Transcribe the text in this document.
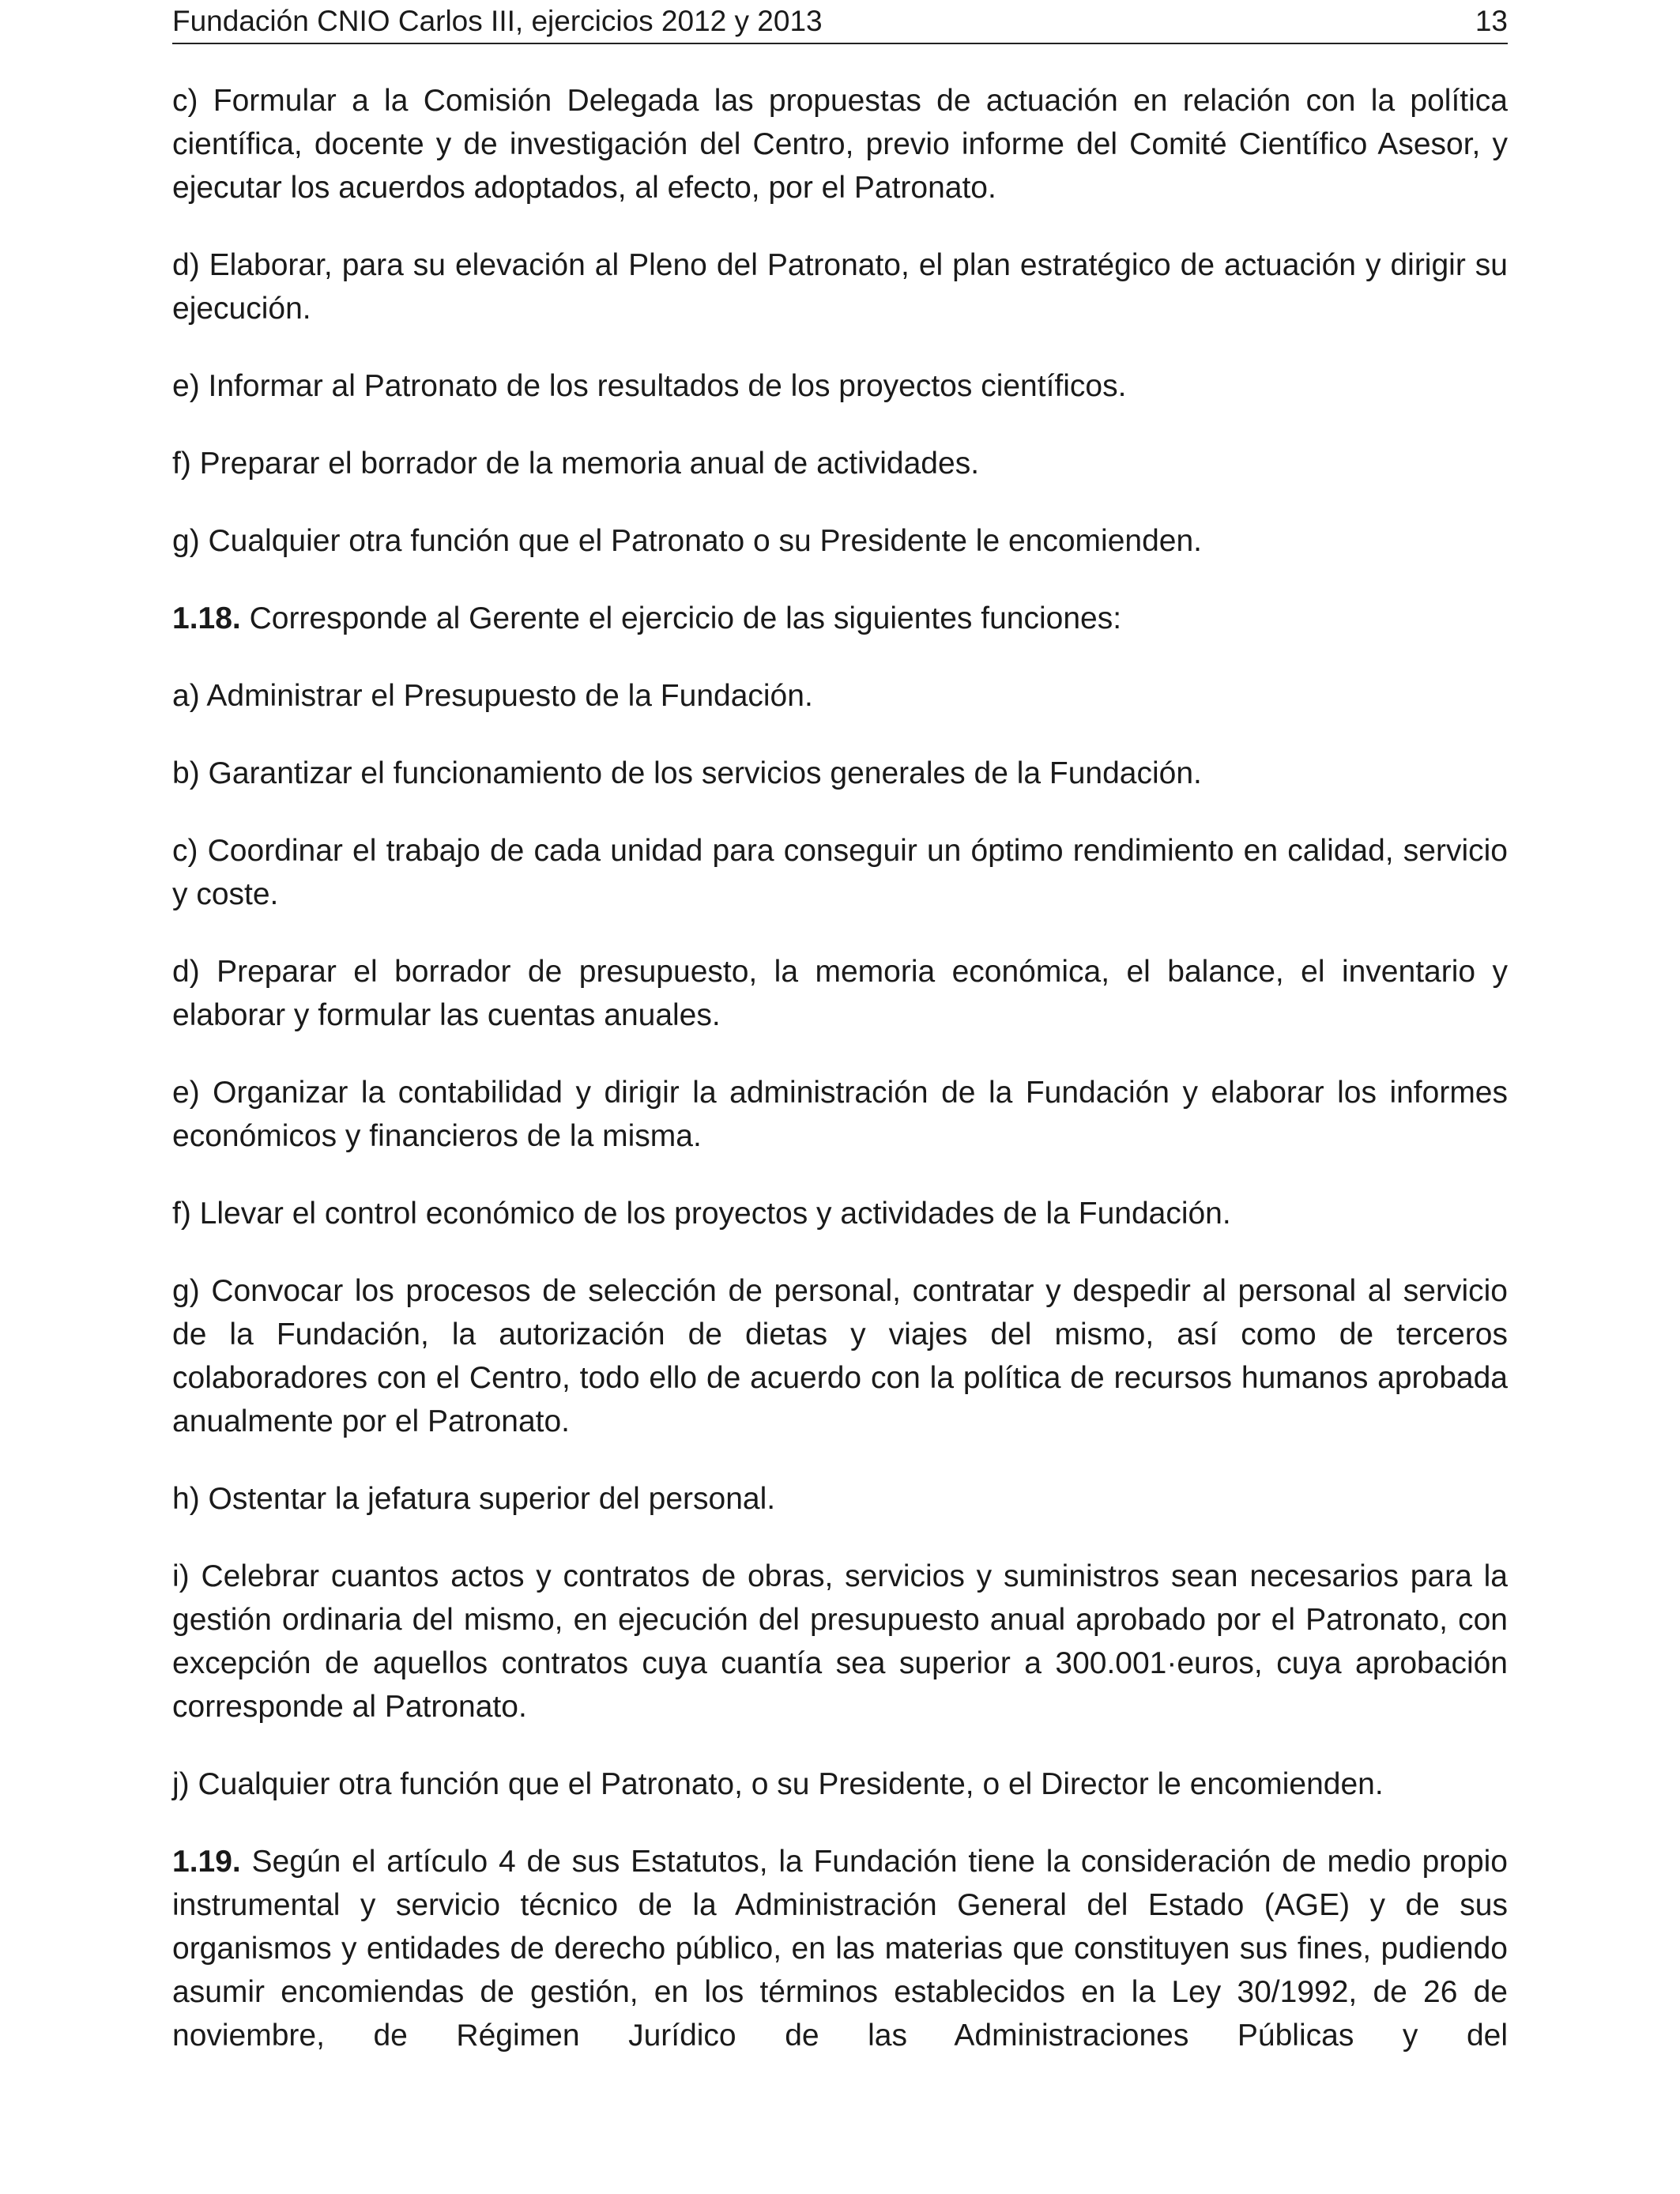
Fundación CNIO Carlos III, ejercicios 2012 y 2013	13

c) Formular a la Comisión Delegada las propuestas de actuación en relación con la política científica, docente y de investigación del Centro, previo informe del Comité Científico Asesor, y ejecutar los acuerdos adoptados, al efecto, por el Patronato.

d) Elaborar, para su elevación al Pleno del Patronato, el plan estratégico de actuación y dirigir su ejecución.

e) Informar al Patronato de los resultados de los proyectos científicos.

f) Preparar el borrador de la memoria anual de actividades.

g) Cualquier otra función que el Patronato o su Presidente le encomienden.

1.18. Corresponde al Gerente el ejercicio de las siguientes funciones:

a) Administrar el Presupuesto de la Fundación.

b) Garantizar el funcionamiento de los servicios generales de la Fundación.

c) Coordinar el trabajo de cada unidad para conseguir un óptimo rendimiento en calidad, servicio y coste.

d) Preparar el borrador de presupuesto, la memoria económica, el balance, el inventario y elaborar y formular las cuentas anuales.

e) Organizar la contabilidad y dirigir la administración de la Fundación y elaborar los informes económicos y financieros de la misma.

f) Llevar el control económico de los proyectos y actividades de la Fundación.

g) Convocar los procesos de selección de personal, contratar y despedir al personal al servicio de la Fundación, la autorización de dietas y viajes del mismo, así como de terceros colaboradores con el Centro, todo ello de acuerdo con la política de recursos humanos aprobada anualmente por el Patronato.

h) Ostentar la jefatura superior del personal.

i) Celebrar cuantos actos y contratos de obras, servicios y suministros sean necesarios para la gestión ordinaria del mismo, en ejecución del presupuesto anual aprobado por el Patronato, con excepción de aquellos contratos cuya cuantía sea superior a 300.001·euros, cuya aprobación corresponde al Patronato.

j) Cualquier otra función que el Patronato, o su Presidente, o el Director le encomienden.

1.19. Según el artículo 4 de sus Estatutos, la Fundación tiene la consideración de medio propio instrumental y servicio técnico de la Administración General del Estado (AGE) y de sus organismos y entidades de derecho público, en las materias que constituyen sus fines, pudiendo asumir encomiendas de gestión, en los términos establecidos en la Ley 30/1992, de 26 de noviembre, de Régimen Jurídico de las Administraciones Públicas y del
